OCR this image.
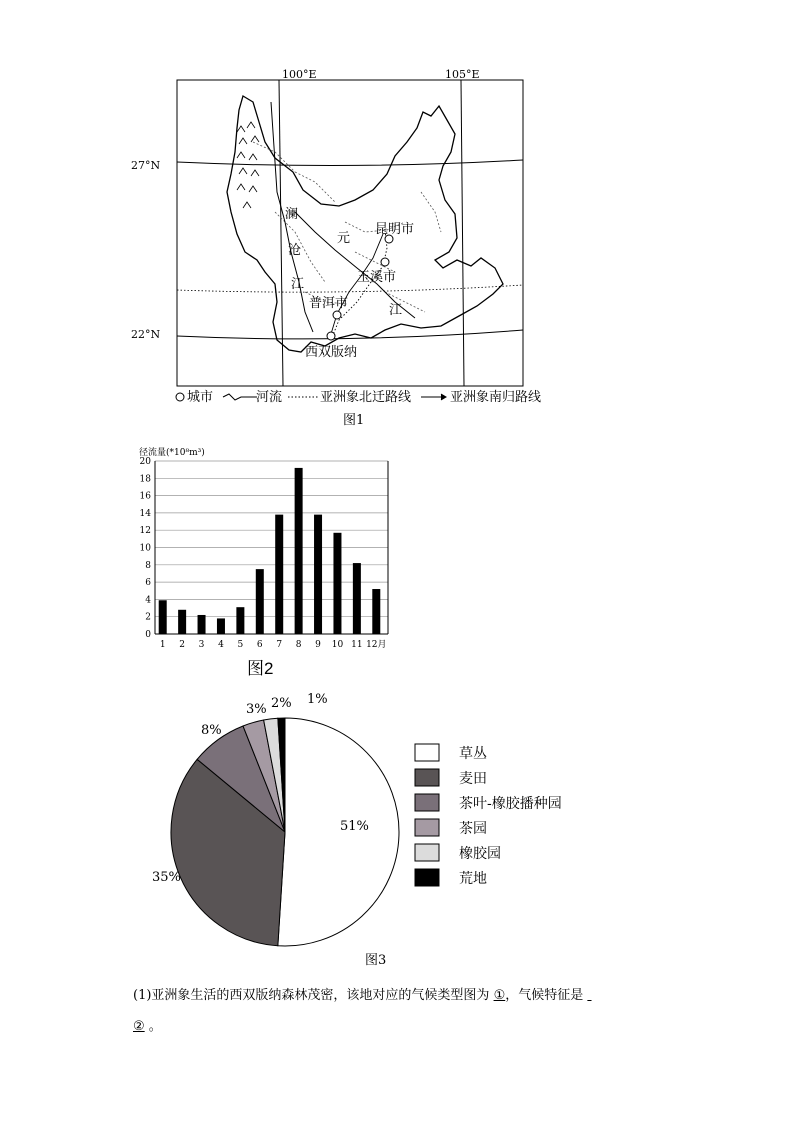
100°E	105°E
27°N
22°N
昆明市
玉溪市
普洱市
西双版纳
澜
沧
江
元
江
城市	河流	亚洲象北迁路线	亚洲象南归路线
图1
径流量(*10⁸m³)
0
2
4
6
8
10
12
14
16
18
20
1 2 3 4 5 6 7 8 9 10 11 12月
图2
51%
35%
8%
3% 2% 1%
草丛
麦田
茶叶-橡胶播种园
茶园
橡胶园
荒地
图3
(1)亚洲象生活的西双版纳森林茂密，该地对应的气候类型图为 ①，气候特征是
② 。
